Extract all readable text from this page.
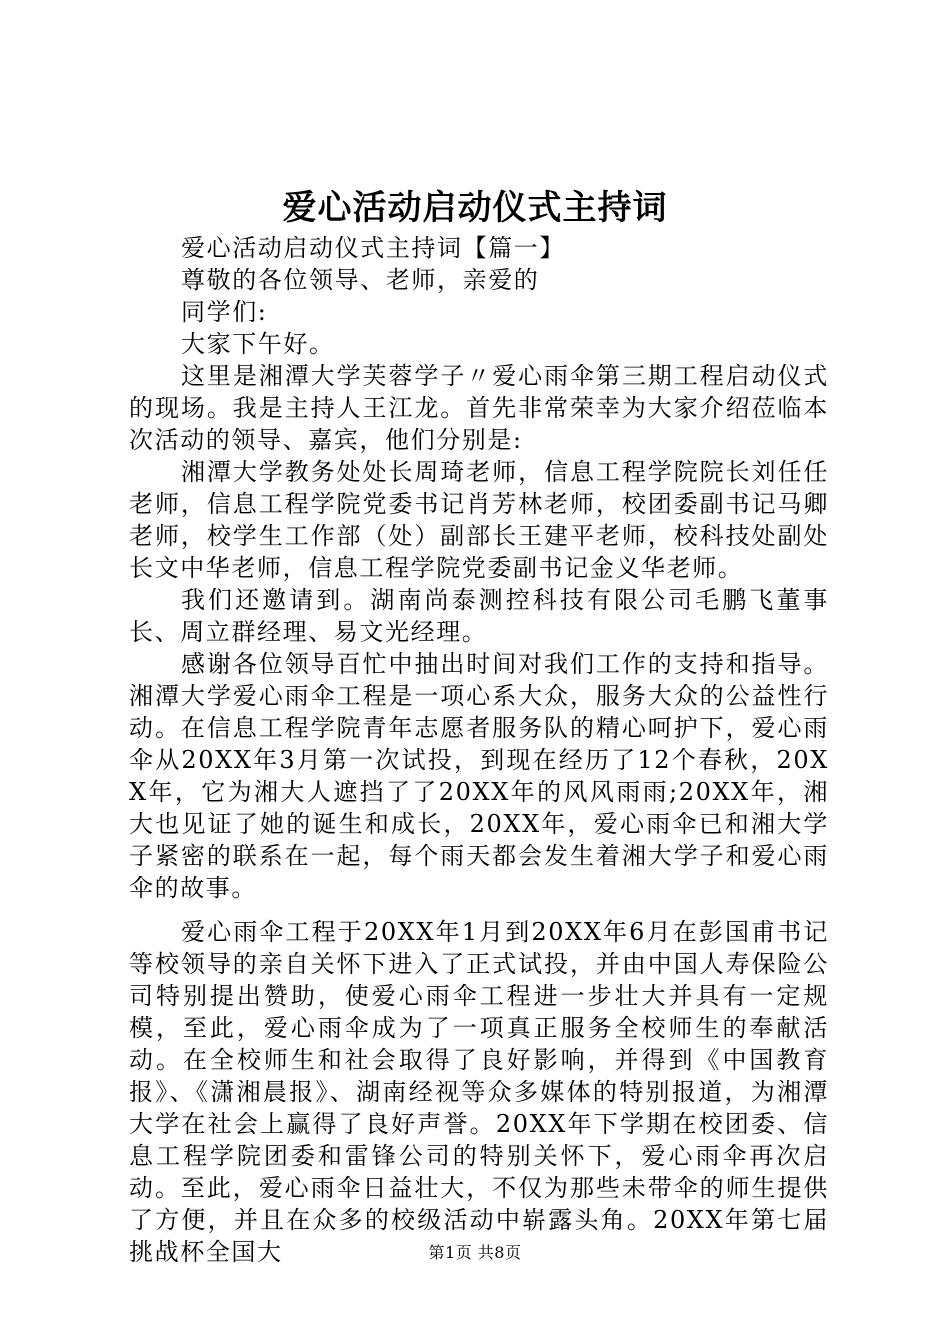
爱心活动启动仪式主持词

爱心活动启动仪式主持词【篇一】

尊敬的各位领导、老师，亲爱的

同学们:

大家下午好。

这里是湘潭大学芙蓉学子〃爱心雨伞第三期工程启动仪式的现场。我是主持人王江龙。首先非常荣幸为大家介绍莅临本次活动的领导、嘉宾，他们分别是:

湘潭大学教务处处长周琦老师，信息工程学院院长刘任任老师，信息工程学院党委书记肖芳林老师，校团委副书记马卿老师，校学生工作部（处）副部长王建平老师，校科技处副处长文中华老师，信息工程学院党委副书记金义华老师。

我们还邀请到。湖南尚泰测控科技有限公司毛鹏飞董事长、周立群经理、易文光经理。

感谢各位领导百忙中抽出时间对我们工作的支持和指导。湘潭大学爱心雨伞工程是一项心系大众，服务大众的公益性行动。在信息工程学院青年志愿者服务队的精心呵护下，爱心雨伞从20XX年3月第一次试投，到现在经历了12个春秋，20XX年，它为湘大人遮挡了了20XX年的风风雨雨;20XX年，湘大也见证了她的诞生和成长，20XX年，爱心雨伞已和湘大学子紧密的联系在一起，每个雨天都会发生着湘大学子和爱心雨伞的故事。

爱心雨伞工程于20XX年1月到20XX年6月在彭国甫书记等校领导的亲自关怀下进入了正式试投，并由中国人寿保险公司特别提出赞助，使爱心雨伞工程进一步壮大并具有一定规模，至此，爱心雨伞成为了一项真正服务全校师生的奉献活动。在全校师生和社会取得了良好影响，并得到《中国教育报》、《潇湘晨报》、湖南经视等众多媒体的特别报道，为湘潭大学在社会上赢得了良好声誉。20XX年下学期在校团委、信息工程学院团委和雷锋公司的特别关怀下，爱心雨伞再次启动。至此，爱心雨伞日益壮大，不仅为那些未带伞的师生提供了方便，并且在众多的校级活动中崭露头角。20XX年第七届挑战杯全国大	第1页 共8页
